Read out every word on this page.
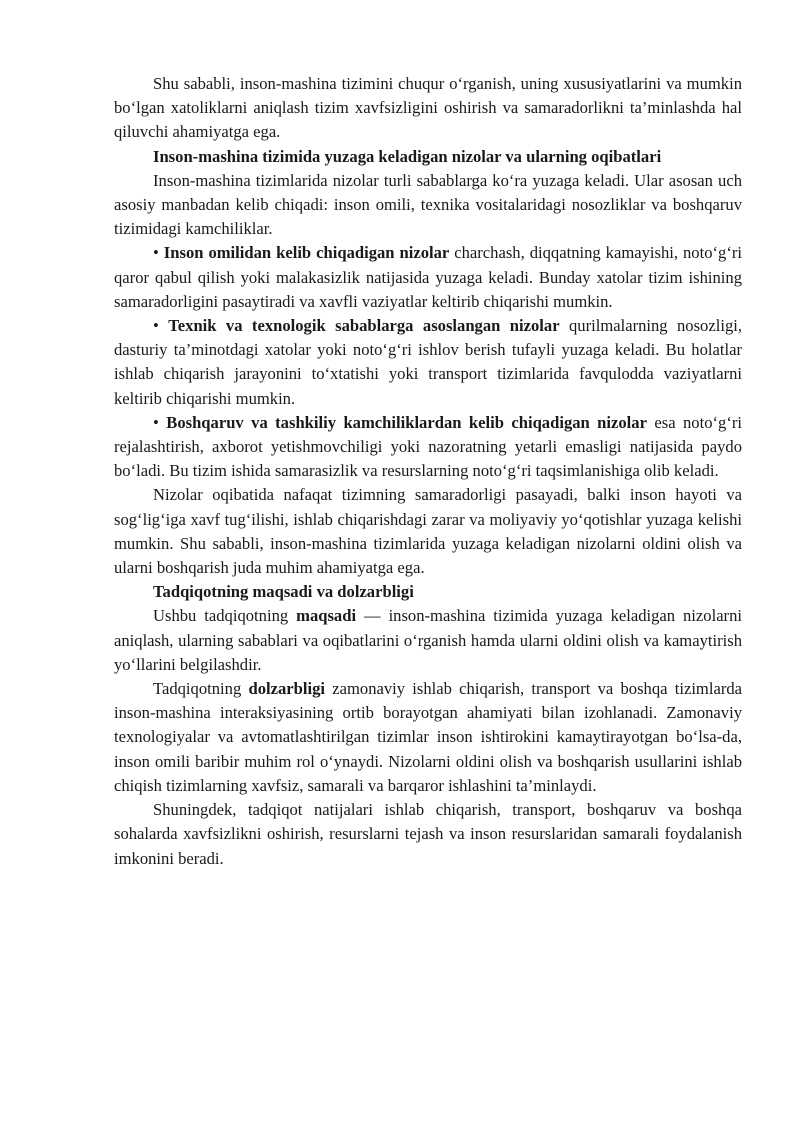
Shu sababli, inson-mashina tizimini chuqur o‘rganish, uning xususiyatlarini va mumkin bo‘lgan xatoliklarni aniqlash tizim xavfsizligini oshirish va samaradorlikni ta’minlashda hal qiluvchi ahamiyatga ega.

Inson-mashina tizimida yuzaga keladigan nizolar va ularning oqibatlari

Inson-mashina tizimlarida nizolar turli sabablarga ko‘ra yuzaga keladi. Ular asosan uch asosiy manbadan kelib chiqadi: inson omili, texnika vositalaridagi nosozliklar va boshqaruv tizimidagi kamchiliklar.

• Inson omilidan kelib chiqadigan nizolar charchash, diqqatning kamayishi, noto‘g‘ri qaror qabul qilish yoki malakasizlik natijasida yuzaga keladi. Bunday xatolar tizim ishining samaradorligini pasaytiradi va xavfli vaziyatlar keltirib chiqarishi mumkin.

• Texnik va texnologik sabablarga asoslangan nizolar qurilmalarning nosozligi, dasturiy ta’minotdagi xatolar yoki noto‘g‘ri ishlov berish tufayli yuzaga keladi. Bu holatlar ishlab chiqarish jarayonini to‘xtatishi yoki transport tizimlarida favqulodda vaziyatlarni keltirib chiqarishi mumkin.

• Boshqaruv va tashkiliy kamchiliklardan kelib chiqadigan nizolar esa noto‘g‘ri rejalashtirish, axborot yetishmovchiligi yoki nazoratning yetarli emasligi natijasida paydo bo‘ladi. Bu tizim ishida samarasizlik va resurslarning noto‘g‘ri taqsimlanishiga olib keladi.

Nizolar oqibatida nafaqat tizimning samaradorligi pasayadi, balki inson hayoti va sog‘lig‘iga xavf tug‘ilishi, ishlab chiqarishdagi zarar va moliyaviy yo‘qotishlar yuzaga kelishi mumkin. Shu sababli, inson-mashina tizimlarida yuzaga keladigan nizolarni oldini olish va ularni boshqarish juda muhim ahamiyatga ega.

Tadqiqotning maqsadi va dolzarbligi

Ushbu tadqiqotning maqsadi — inson-mashina tizimida yuzaga keladigan nizolarni aniqlash, ularning sabablari va oqibatlarini o‘rganish hamda ularni oldini olish va kamaytirish yo‘llarini belgilashdir.

Tadqiqotning dolzarbligi zamonaviy ishlab chiqarish, transport va boshqa tizimlarda inson-mashina interaksiyasining ortib borayotgan ahamiyati bilan izohlanadi. Zamonaviy texnologiyalar va avtomatlashtirilgan tizimlar inson ishtirokini kamaytirayotgan bo‘lsa-da, inson omili baribir muhim rol o‘ynaydi. Nizolarni oldini olish va boshqarish usullarini ishlab chiqish tizimlarning xavfsiz, samarali va barqaror ishlashini ta’minlaydi.

Shuningdek, tadqiqot natijalari ishlab chiqarish, transport, boshqaruv va boshqa sohalarda xavfsizlikni oshirish, resurslarni tejash va inson resurslaridan samarali foydalanish imkonini beradi.
